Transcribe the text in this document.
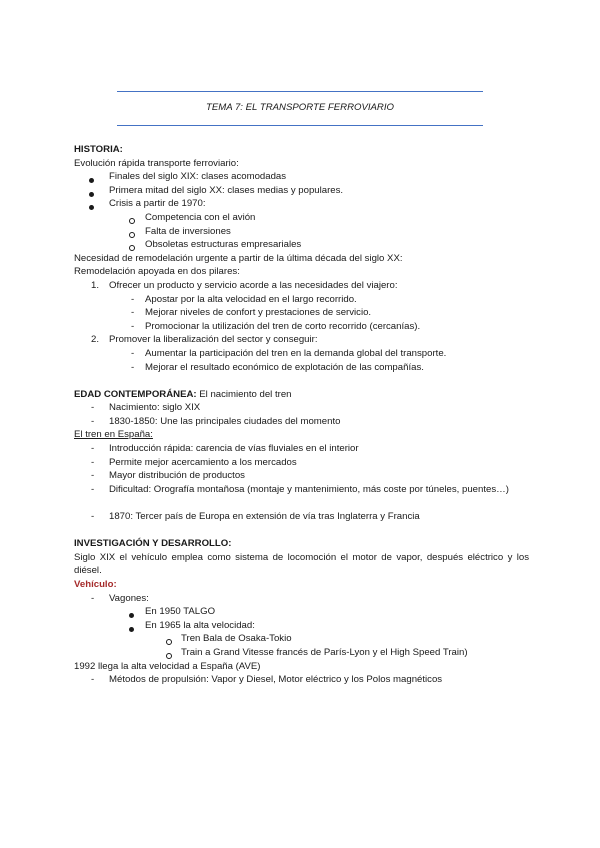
TEMA 7: EL TRANSPORTE FERROVIARIO
HISTORIA:
Evolución rápida transporte ferroviario:
Finales del siglo XIX: clases acomodadas
Primera mitad del siglo XX: clases medias y populares.
Crisis a partir de 1970:
Competencia con el avión
Falta de inversiones
Obsoletas estructuras empresariales
Necesidad de remodelación urgente a partir de la última década del siglo XX:
Remodelación apoyada en dos pilares:
1. Ofrecer un producto y servicio acorde a las necesidades del viajero:
- Apostar por la alta velocidad en el largo recorrido.
- Mejorar niveles de confort y prestaciones de servicio.
- Promocionar la utilización del tren de corto recorrido (cercanías).
2. Promover la liberalización del sector y conseguir:
- Aumentar la participación del tren en la demanda global del transporte.
- Mejorar el resultado económico de explotación de las compañías.
EDAD CONTEMPORÁNEA: El nacimiento del tren
- Nacimiento: siglo XIX
- 1830-1850: Une las principales ciudades del momento
El tren en España:
- Introducción rápida: carencia de vías fluviales en el interior
- Permite mejor acercamiento a los mercados
- Mayor distribución de productos
- Dificultad: Orografía montañosa (montaje y mantenimiento, más coste por túneles, puentes…)
- 1870: Tercer país de Europa en extensión de vía tras Inglaterra y Francia
INVESTIGACIÓN Y DESARROLLO:
Siglo XIX el vehículo emplea como sistema de locomoción el motor de vapor, después eléctrico y los diésel.
Vehículo:
- Vagones:
En 1950 TALGO
En 1965 la alta velocidad:
Tren Bala de Osaka-Tokio
Train a Grand Vitesse francés de París-Lyon y el High Speed Train)
1992 llega la alta velocidad a España (AVE)
- Métodos de propulsión: Vapor y Diesel, Motor eléctrico y los Polos magnéticos
